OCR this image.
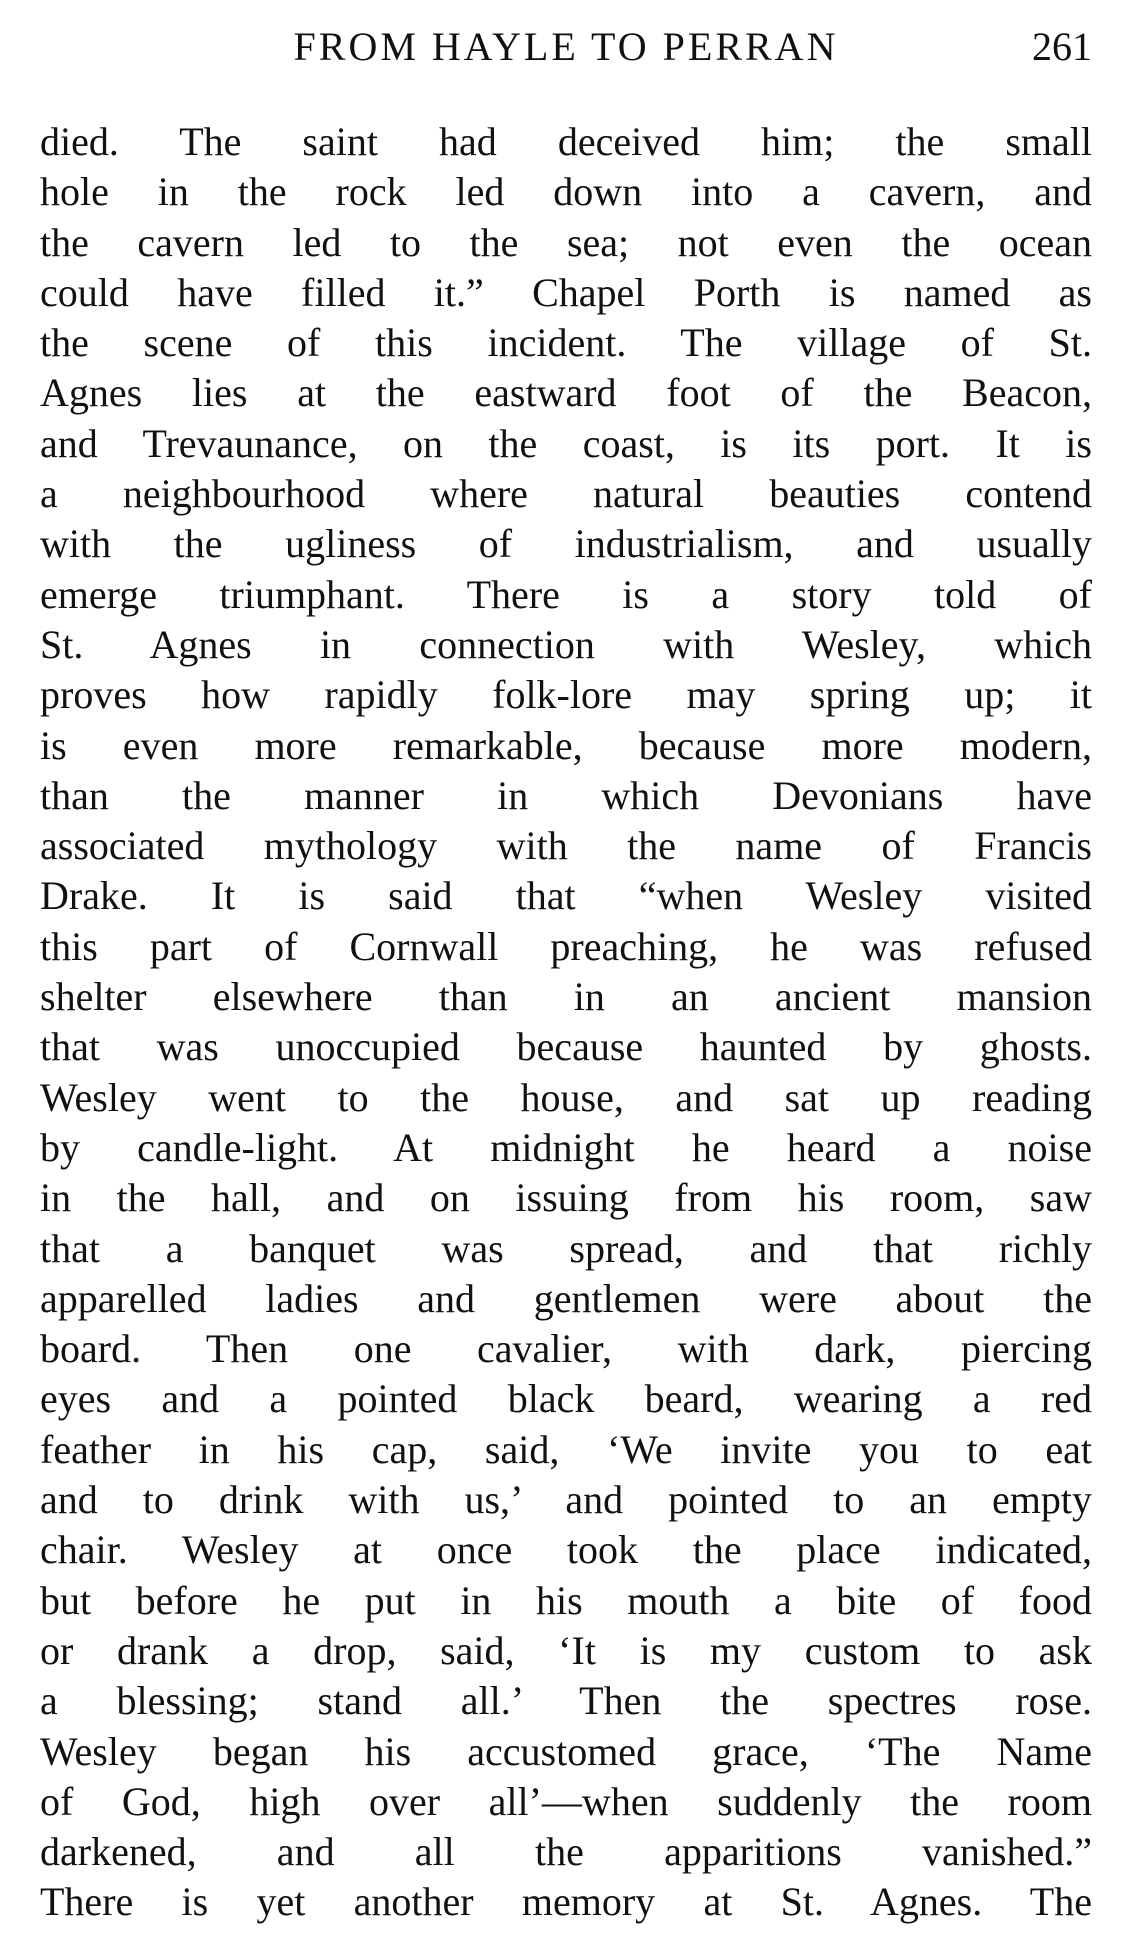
FROM HAYLE TO PERRAN	261
died. The saint had deceived him; the small
hole in the rock led down into a cavern, and
the cavern led to the sea; not even the ocean
could have filled it.” Chapel Porth is named as
the scene of this incident. The village of St.
Agnes lies at the eastward foot of the Beacon,
and Trevaunance, on the coast, is its port. It is
a neighbourhood where natural beauties contend
with the ugliness of industrialism, and usually
emerge triumphant. There is a story told of
St. Agnes in connection with Wesley, which
proves how rapidly folk-lore may spring up; it
is even more remarkable, because more modern,
than the manner in which Devonians have
associated mythology with the name of Francis
Drake. It is said that “when Wesley visited
this part of Cornwall preaching, he was refused
shelter elsewhere than in an ancient mansion
that was unoccupied because haunted by ghosts.
Wesley went to the house, and sat up reading
by candle-light. At midnight he heard a noise
in the hall, and on issuing from his room, saw
that a banquet was spread, and that richly
apparelled ladies and gentlemen were about the
board. Then one cavalier, with dark, piercing
eyes and a pointed black beard, wearing a red
feather in his cap, said, ‘We invite you to eat
and to drink with us,’ and pointed to an empty
chair. Wesley at once took the place indicated,
but before he put in his mouth a bite of food
or drank a drop, said, ‘It is my custom to ask
a blessing; stand all.’ Then the spectres rose.
Wesley began his accustomed grace, ‘The Name
of God, high over all’—when suddenly the room
darkened, and all the apparitions vanished.”
There is yet another memory at St. Agnes. The
